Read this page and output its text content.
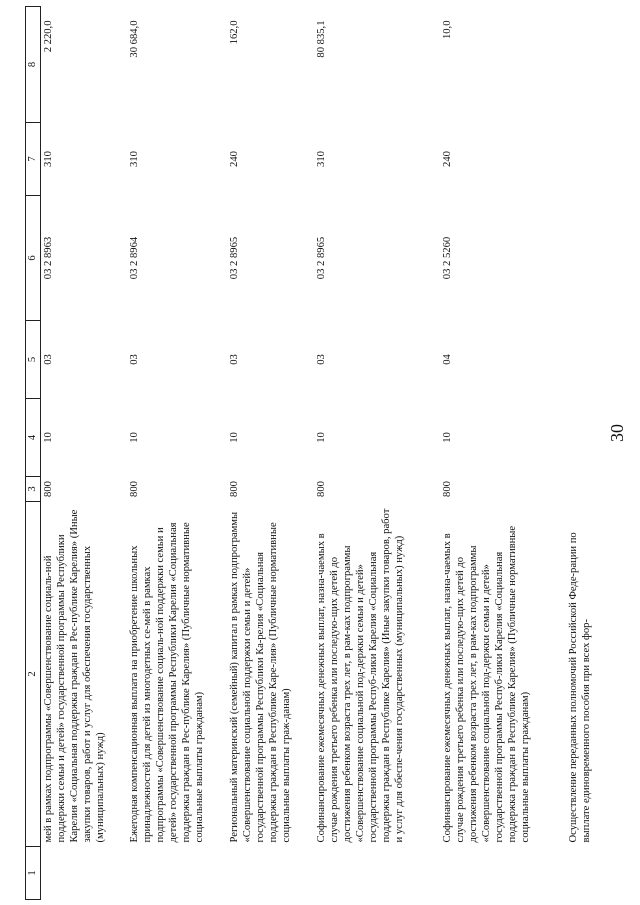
1	2	3	4	5	6	7	8
	мей в рамках подпрограммы «Совершенствование социаль-ной поддержки семьи и детей» государственной программы Республики Карелия «Социальная поддержка граждан в Рес-публике Карелия» (Иные закупки товаров, работ и услуг для обеспечения государственных (муниципальных) нужд)	800	10	03	03 2 8963	310	2 220,0
	Ежегодная компенсационная выплата на приобретение школьных принадлежностей для детей из многодетных се-мей в рамках подпрограммы «Совершенствование социаль-ной поддержки семьи и детей» государственной программы Республики Карелия «Социальная поддержка граждан в Рес-публике Карелия» (Публичные нормативные социальные выплаты гражданам)	800	10	03	03 2 8964	310	30 684,0
	Региональный материнский (семейный) капитал в рамках подпрограммы «Совершенствование социальной поддержки семьи и детей» государственной программы Республики Ка-релия «Социальная поддержка граждан в Республике Каре-лия» (Публичные нормативные социальные выплаты граж-данам)	800	10	03	03 2 8965	240	162,0
	Софинансирование ежемесячных денежных выплат, назна-чаемых в случае рождения третьего ребенка или последую-щих детей до достижения ребенком возраста трех лет, в рам-ках подпрограммы «Совершенствование социальной под-держки семьи и детей» государственной программы Респуб-лики Карелия «Социальная поддержка граждан в Республике Карелия» (Иные закупки товаров, работ и услуг для обеспе-чения государственных (муниципальных) нужд)	800	10	03	03 2 8965	310	80 835,1
	Софинансирование ежемесячных денежных выплат, назна-чаемых в случае рождения третьего ребенка или последую-щих детей до достижения ребенком возраста трех лет, в рам-ках подпрограммы «Совершенствование социальной под-держки семьи и детей» государственной программы Респуб-лики Карелия «Социальная поддержка граждан в Республике Карелия» (Публичные нормативные социальные выплаты гражданам)	800	10	04	03 2 5260	240	10,0
	Осуществление переданных полномочий Российской Феде-рации по выплате единовременного пособия при всех фор-						
30
